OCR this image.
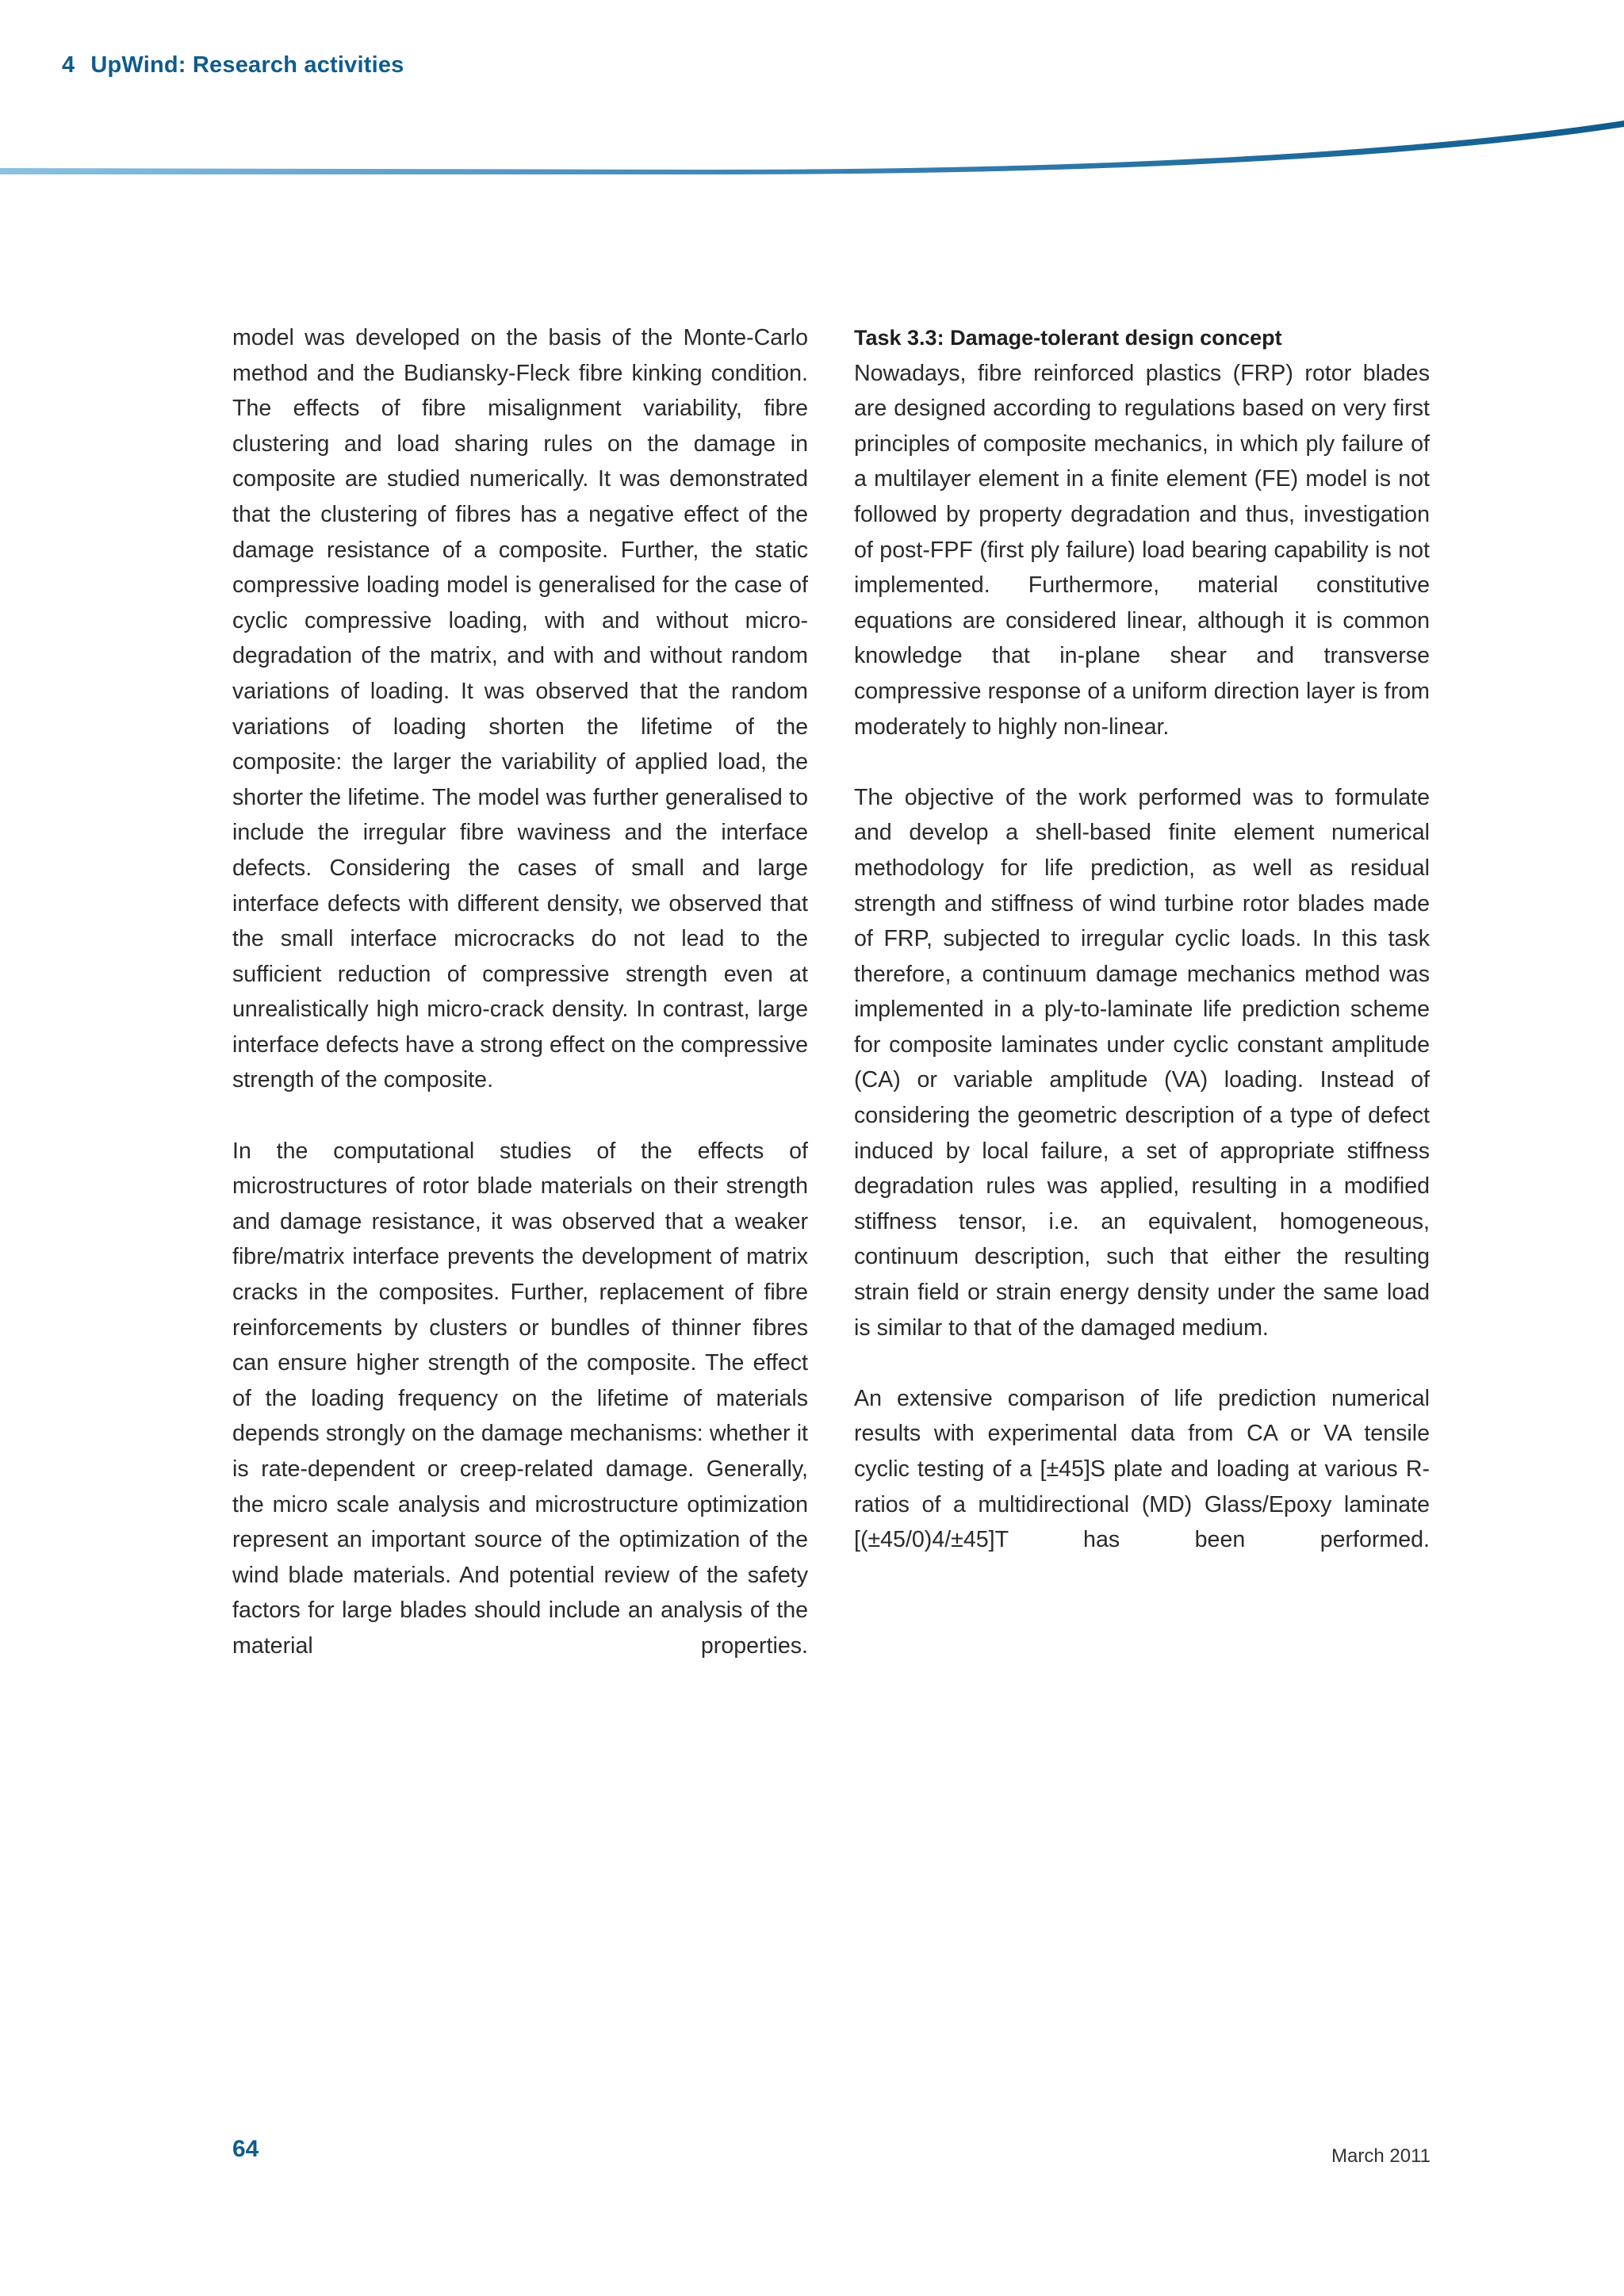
4 UpWind: Research activities

model was developed on the basis of the Monte-Carlo method and the Budiansky-Fleck fibre kinking condition. The effects of fibre misalignment variability, fibre clustering and load sharing rules on the damage in composite are studied numerically. It was demonstrated that the clustering of fibres has a negative effect of the damage resistance of a composite. Further, the static compressive loading model is generalised for the case of cyclic compressive loading, with and without micro-degradation of the matrix, and with and without random variations of loading. It was observed that the random variations of loading shorten the lifetime of the composite: the larger the variability of applied load, the shorter the lifetime. The model was further generalised to include the irregular fibre waviness and the interface defects. Considering the cases of small and large interface defects with different density, we observed that the small interface microcracks do not lead to the sufficient reduction of compressive strength even at unrealistically high micro-crack density. In contrast, large interface defects have a strong effect on the compressive strength of the composite.

In the computational studies of the effects of microstructures of rotor blade materials on their strength and damage resistance, it was observed that a weaker fibre/matrix interface prevents the development of matrix cracks in the composites. Further, replacement of fibre reinforcements by clusters or bundles of thinner fibres can ensure higher strength of the composite. The effect of the loading frequency on the lifetime of materials depends strongly on the damage mechanisms: whether it is rate-dependent or creep-related damage. Generally, the micro scale analysis and microstructure optimization represent an important source of the optimization of the wind blade materials. And potential review of the safety factors for large blades should include an analysis of the material properties.

Task 3.3: Damage-tolerant design concept

Nowadays, fibre reinforced plastics (FRP) rotor blades are designed according to regulations based on very first principles of composite mechanics, in which ply failure of a multilayer element in a finite element (FE) model is not followed by property degradation and thus, investigation of post-FPF (first ply failure) load bearing capability is not implemented. Furthermore, material constitutive equations are considered linear, although it is common knowledge that in-plane shear and transverse compressive response of a uniform direction layer is from moderately to highly non-linear.

The objective of the work performed was to formulate and develop a shell-based finite element numerical methodology for life prediction, as well as residual strength and stiffness of wind turbine rotor blades made of FRP, subjected to irregular cyclic loads. In this task therefore, a continuum damage mechanics method was implemented in a ply-to-laminate life prediction scheme for composite laminates under cyclic constant amplitude (CA) or variable amplitude (VA) loading. Instead of considering the geometric description of a type of defect induced by local failure, a set of appropriate stiffness degradation rules was applied, resulting in a modified stiffness tensor, i.e. an equivalent, homogeneous, continuum description, such that either the resulting strain field or strain energy density under the same load is similar to that of the damaged medium.

An extensive comparison of life prediction numerical results with experimental data from CA or VA tensile cyclic testing of a [±45]S plate and loading at various R-ratios of a multidirectional (MD) Glass/Epoxy laminate [(±45/0)4/±45]T has been performed.

64	March 2011
